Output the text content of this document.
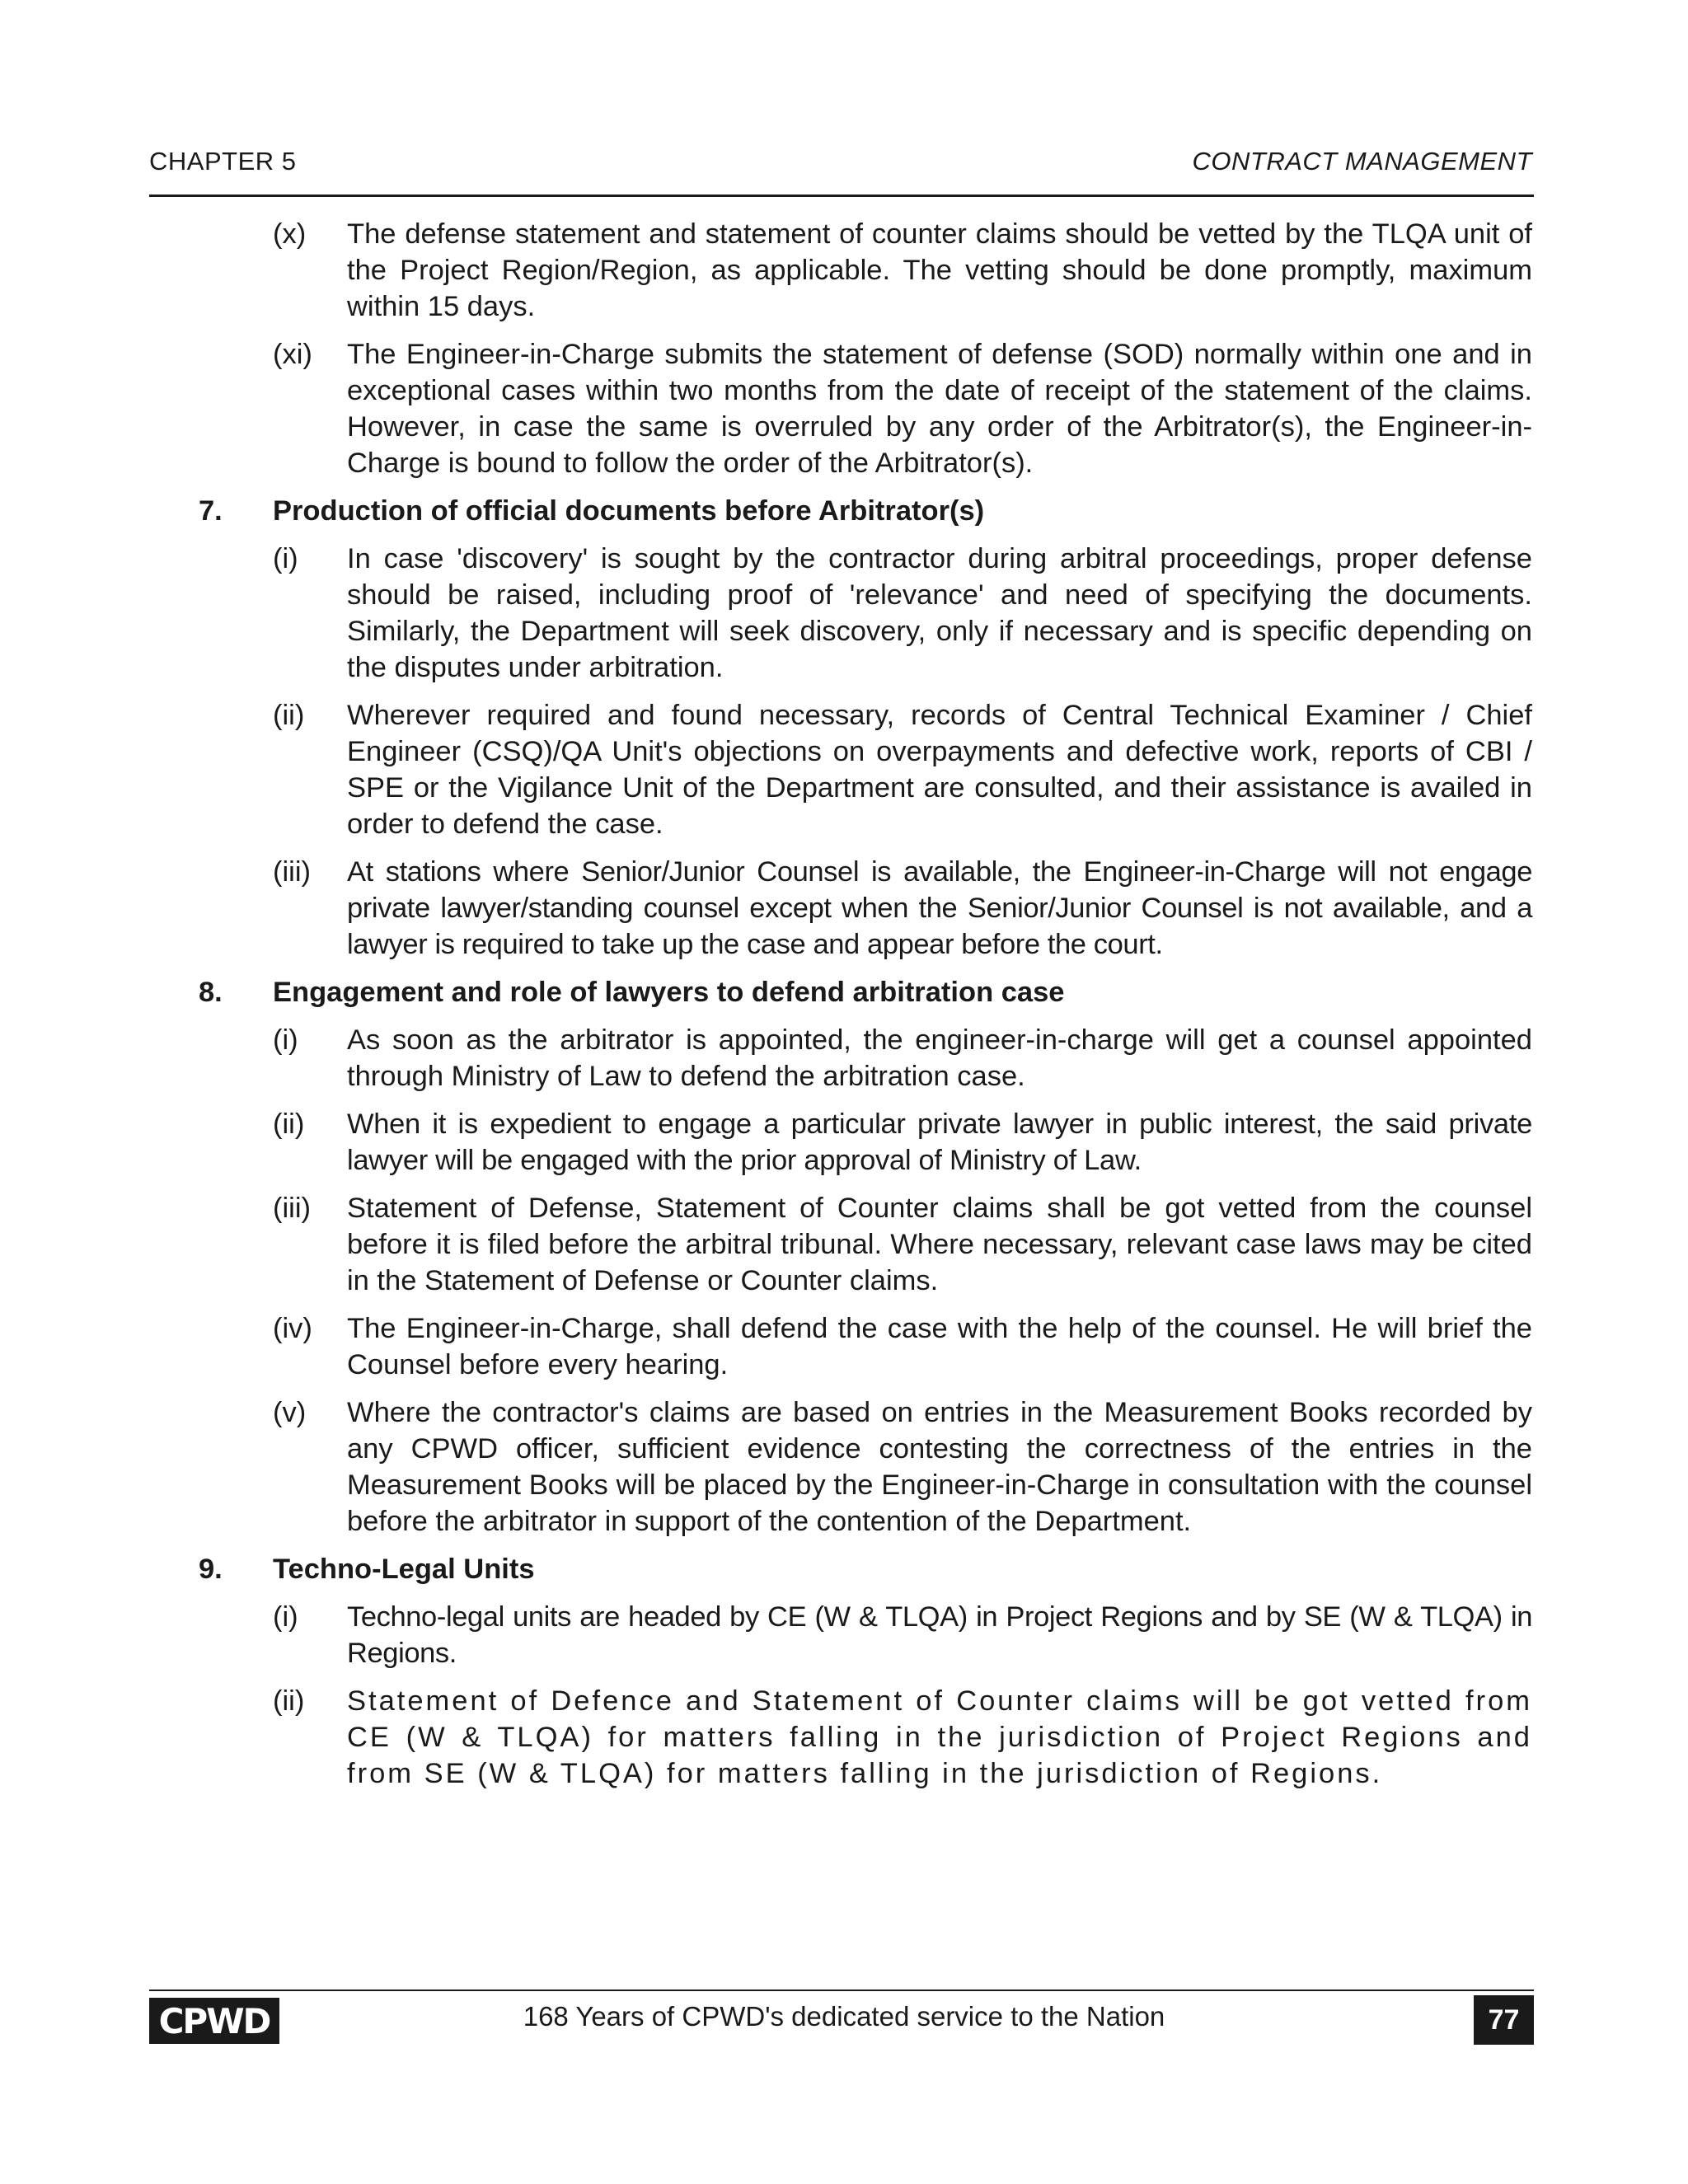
CHAPTER 5	CONTRACT MANAGEMENT
(x)	The defense statement and statement of counter claims should be vetted by the TLQA unit of the Project Region/Region, as applicable. The vetting should be done promptly, maximum within 15 days.
(xi)	The Engineer-in-Charge submits the statement of defense (SOD) normally within one and in exceptional cases within two months from the date of receipt of the statement of the claims. However, in case the same is overruled by any order of the Arbitrator(s), the Engineer-in-Charge is bound to follow the order of the Arbitrator(s).
7.	Production of official documents before Arbitrator(s)
(i)	In case 'discovery' is sought by the contractor during arbitral proceedings, proper defense should be raised, including proof of 'relevance' and need of specifying the documents. Similarly, the Department will seek discovery, only if necessary and is specific depending on the disputes under arbitration.
(ii)	Wherever required and found necessary, records of Central Technical Examiner / Chief Engineer (CSQ)/QA Unit's objections on overpayments and defective work, reports of CBI / SPE or the Vigilance Unit of the Department are consulted, and their assistance is availed in order to defend the case.
(iii)	At stations where Senior/Junior Counsel is available, the Engineer-in-Charge will not engage private lawyer/standing counsel except when the Senior/Junior Counsel is not available, and a lawyer is required to take up the case and appear before the court.
8.	Engagement and role of lawyers to defend arbitration case
(i)	As soon as the arbitrator is appointed, the engineer-in-charge will get a counsel appointed through Ministry of Law to defend the arbitration case.
(ii)	When it is expedient to engage a particular private lawyer in public interest, the said private lawyer will be engaged with the prior approval of Ministry of Law.
(iii)	Statement of Defense, Statement of Counter claims shall be got vetted from the counsel before it is filed before the arbitral tribunal. Where necessary, relevant case laws may be cited in the Statement of Defense or Counter claims.
(iv)	The Engineer-in-Charge, shall defend the case with the help of the counsel. He will brief the Counsel before every hearing.
(v)	Where the contractor's claims are based on entries in the Measurement Books recorded by any CPWD officer, sufficient evidence contesting the correctness of the entries in the Measurement Books will be placed by the Engineer-in-Charge in consultation with the counsel before the arbitrator in support of the contention of the Department.
9.	Techno-Legal Units
(i)	Techno-legal units are headed by CE (W & TLQA) in Project Regions and by SE (W & TLQA) in Regions.
(ii)	Statement of Defence and Statement of Counter claims will be got vetted from CE (W & TLQA) for matters falling in the jurisdiction of Project Regions and from SE (W & TLQA) for matters falling in the jurisdiction of Regions.
CPWD	168 Years of CPWD's dedicated service to the Nation	77
